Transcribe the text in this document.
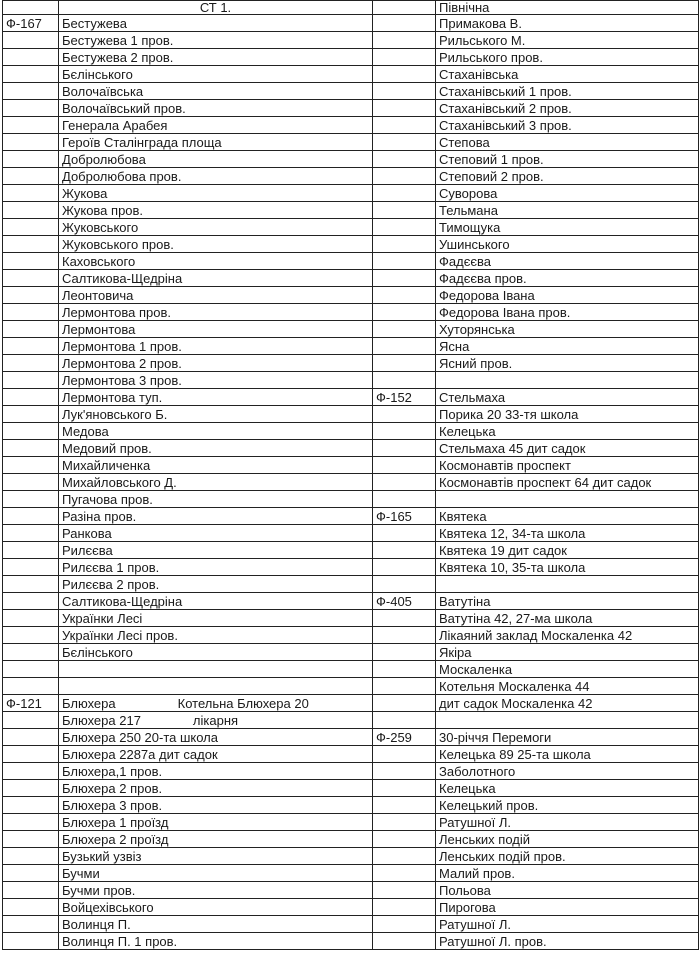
	СТ 1.		Північна
Ф-167	Бестужева		Примакова В.
	Бестужева 1 пров.		Рильського М.
	Бестужева 2 пров.		Рильського пров.
	Бєлінського		Стаханівська
	Волочаївська		Стаханівський 1 пров.
	Волочаївський пров.		Стаханівський 2 пров.
	Генерала Арабея		Стаханівський 3 пров.
	Героїв Сталінграда площа		Степова
	Добролюбова		Степовий 1 пров.
	Добролюбова пров.		Степовий 2 пров.
	Жукова		Суворова
	Жукова пров.		Тельмана
	Жуковського		Тимощука
	Жуковського пров.		Ушинського
	Каховського		Фадєєва
	Салтикова-Щедріна		Фадєєва пров.
	Леонтовича		Федорова Івана
	Лермонтова пров.		Федорова Івана пров.
	Лермонтова		Хуторянська
	Лермонтова 1 пров.		Ясна
	Лермонтова 2 пров.		Ясний пров.
	Лермонтова 3 пров.		
	Лермонтова туп.	Ф-152	Стельмаха
	Лук'яновського Б.		Порика 20 33-тя школа
	Медова		Келецька
	Медовий пров.		Стельмаха 45 дит садок
	Михайличенка		Космонавтів проспект
	Михайловського Д.		Космонавтів проспект 64 дит садок
	Пугачова пров.		
	Разіна пров.	Ф-165	Квятека
	Ранкова		Квятека 12, 34-та школа
	Рилєєва		Квятека 19 дит садок
	Рилєєва 1 пров.		Квятека 10, 35-та школа
	Рилєєва 2 пров.		
	Салтикова-Щедріна	Ф-405	Ватутіна
	Українки Лесі		Ватутіна 42, 27-ма школа
	Українки Лесі пров.		Лікаяний заклад Москаленка 42
	Бєлінського		Якіра
			Москаленка
			Котельня Москаленка 44
Ф-121	Блюхера Котельна Блюхера 20		дит садок Москаленка 42
	Блюхера 217 лікарня		
	Блюхера 250 20-та школа	Ф-259	30-річчя Перемоги
	Блюхера 2287а дит садок		Келецька 89 25-та школа
	Блюхера,1 пров.		Заболотного
	Блюхера 2 пров.		Келецька
	Блюхера 3 пров.		Келецький пров.
	Блюхера 1 проїзд		Ратушної Л.
	Блюхера 2 проїзд		Ленських подій
	Бузький узвіз		Ленських подій пров.
	Бучми		Малий пров.
	Бучми пров.		Польова
	Войцехівського		Пирогова
	Волинця П.		Ратушної Л.
	Волинця П. 1 пров.		Ратушної Л. пров.
